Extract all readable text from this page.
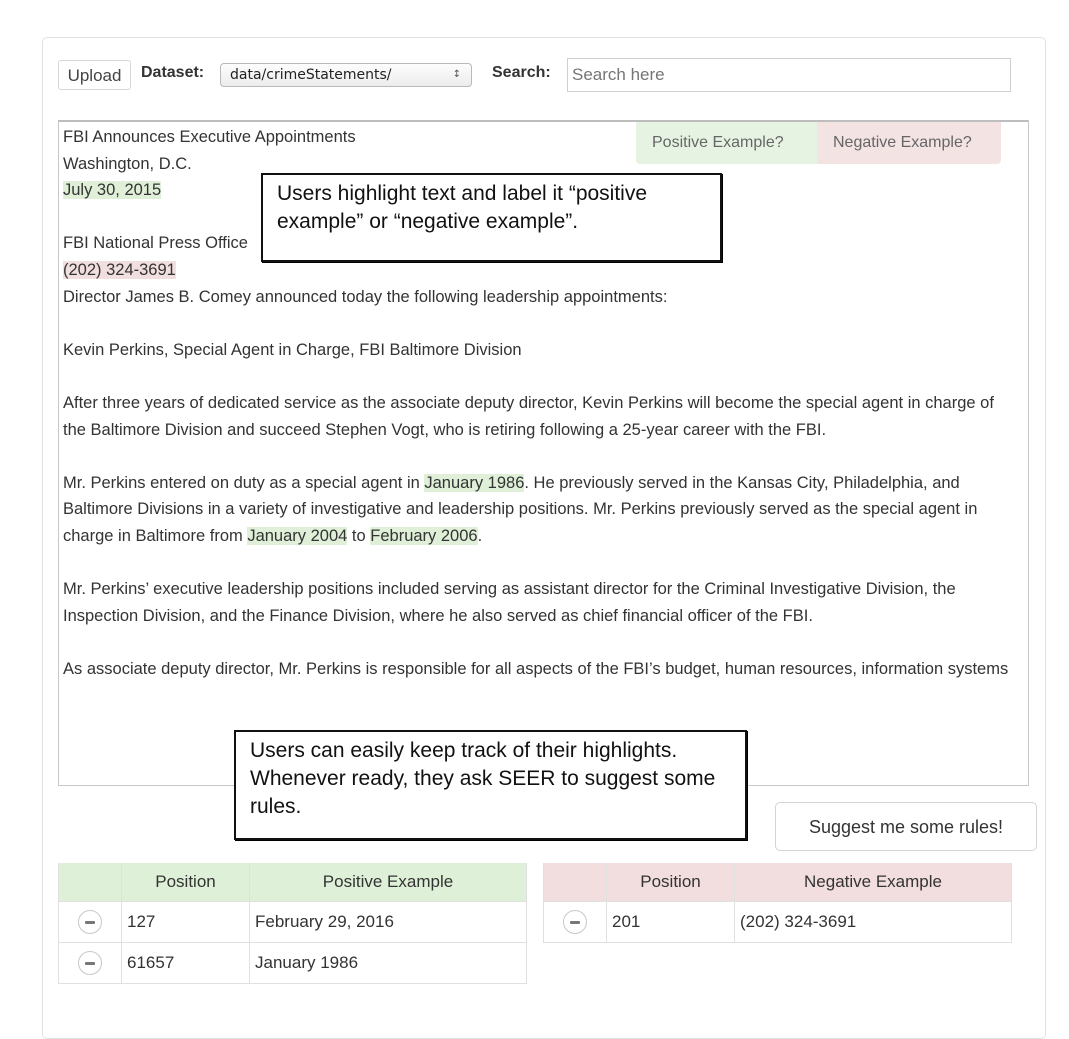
Upload	Dataset:	data/crimeStatements/	↕ Search:
Search here

FBI Announces Executive Appointments

Washington, D.C.

July 30, 2015

FBI National Press Office

(202) 324-3691

Director James B. Comey announced today the following leadership appointments:

Kevin Perkins, Special Agent in Charge, FBI Baltimore Division

After three years of dedicated service as the associate deputy director, Kevin Perkins will become the special agent in charge of the Baltimore Division and succeed Stephen Vogt, who is retiring following a 25-year career with the FBI.

Mr. Perkins entered on duty as a special agent in January 1986. He previously served in the Kansas City, Philadelphia, and Baltimore Divisions in a variety of investigative and leadership positions. Mr. Perkins previously served as the special agent in charge in Baltimore from January 2004 to February 2006.

Mr. Perkins’ executive leadership positions included serving as assistant director for the Criminal Investigative Division, the Inspection Division, and the Finance Division, where he also served as chief financial officer of the FBI.

As associate deputy director, Mr. Perkins is responsible for all aspects of the FBI’s budget, human resources, information systems

Positive Example?	Negative Example?
Users highlight text and label it “positive example” or “negative example”.
Users can easily keep track of their highlights. Whenever ready, they ask SEER to suggest some rules.
Suggest me some rules!
	Position	Positive Example
	127	February 29, 2016
	61657	January 1986
	Position	Negative Example
	201	(202) 324-3691
